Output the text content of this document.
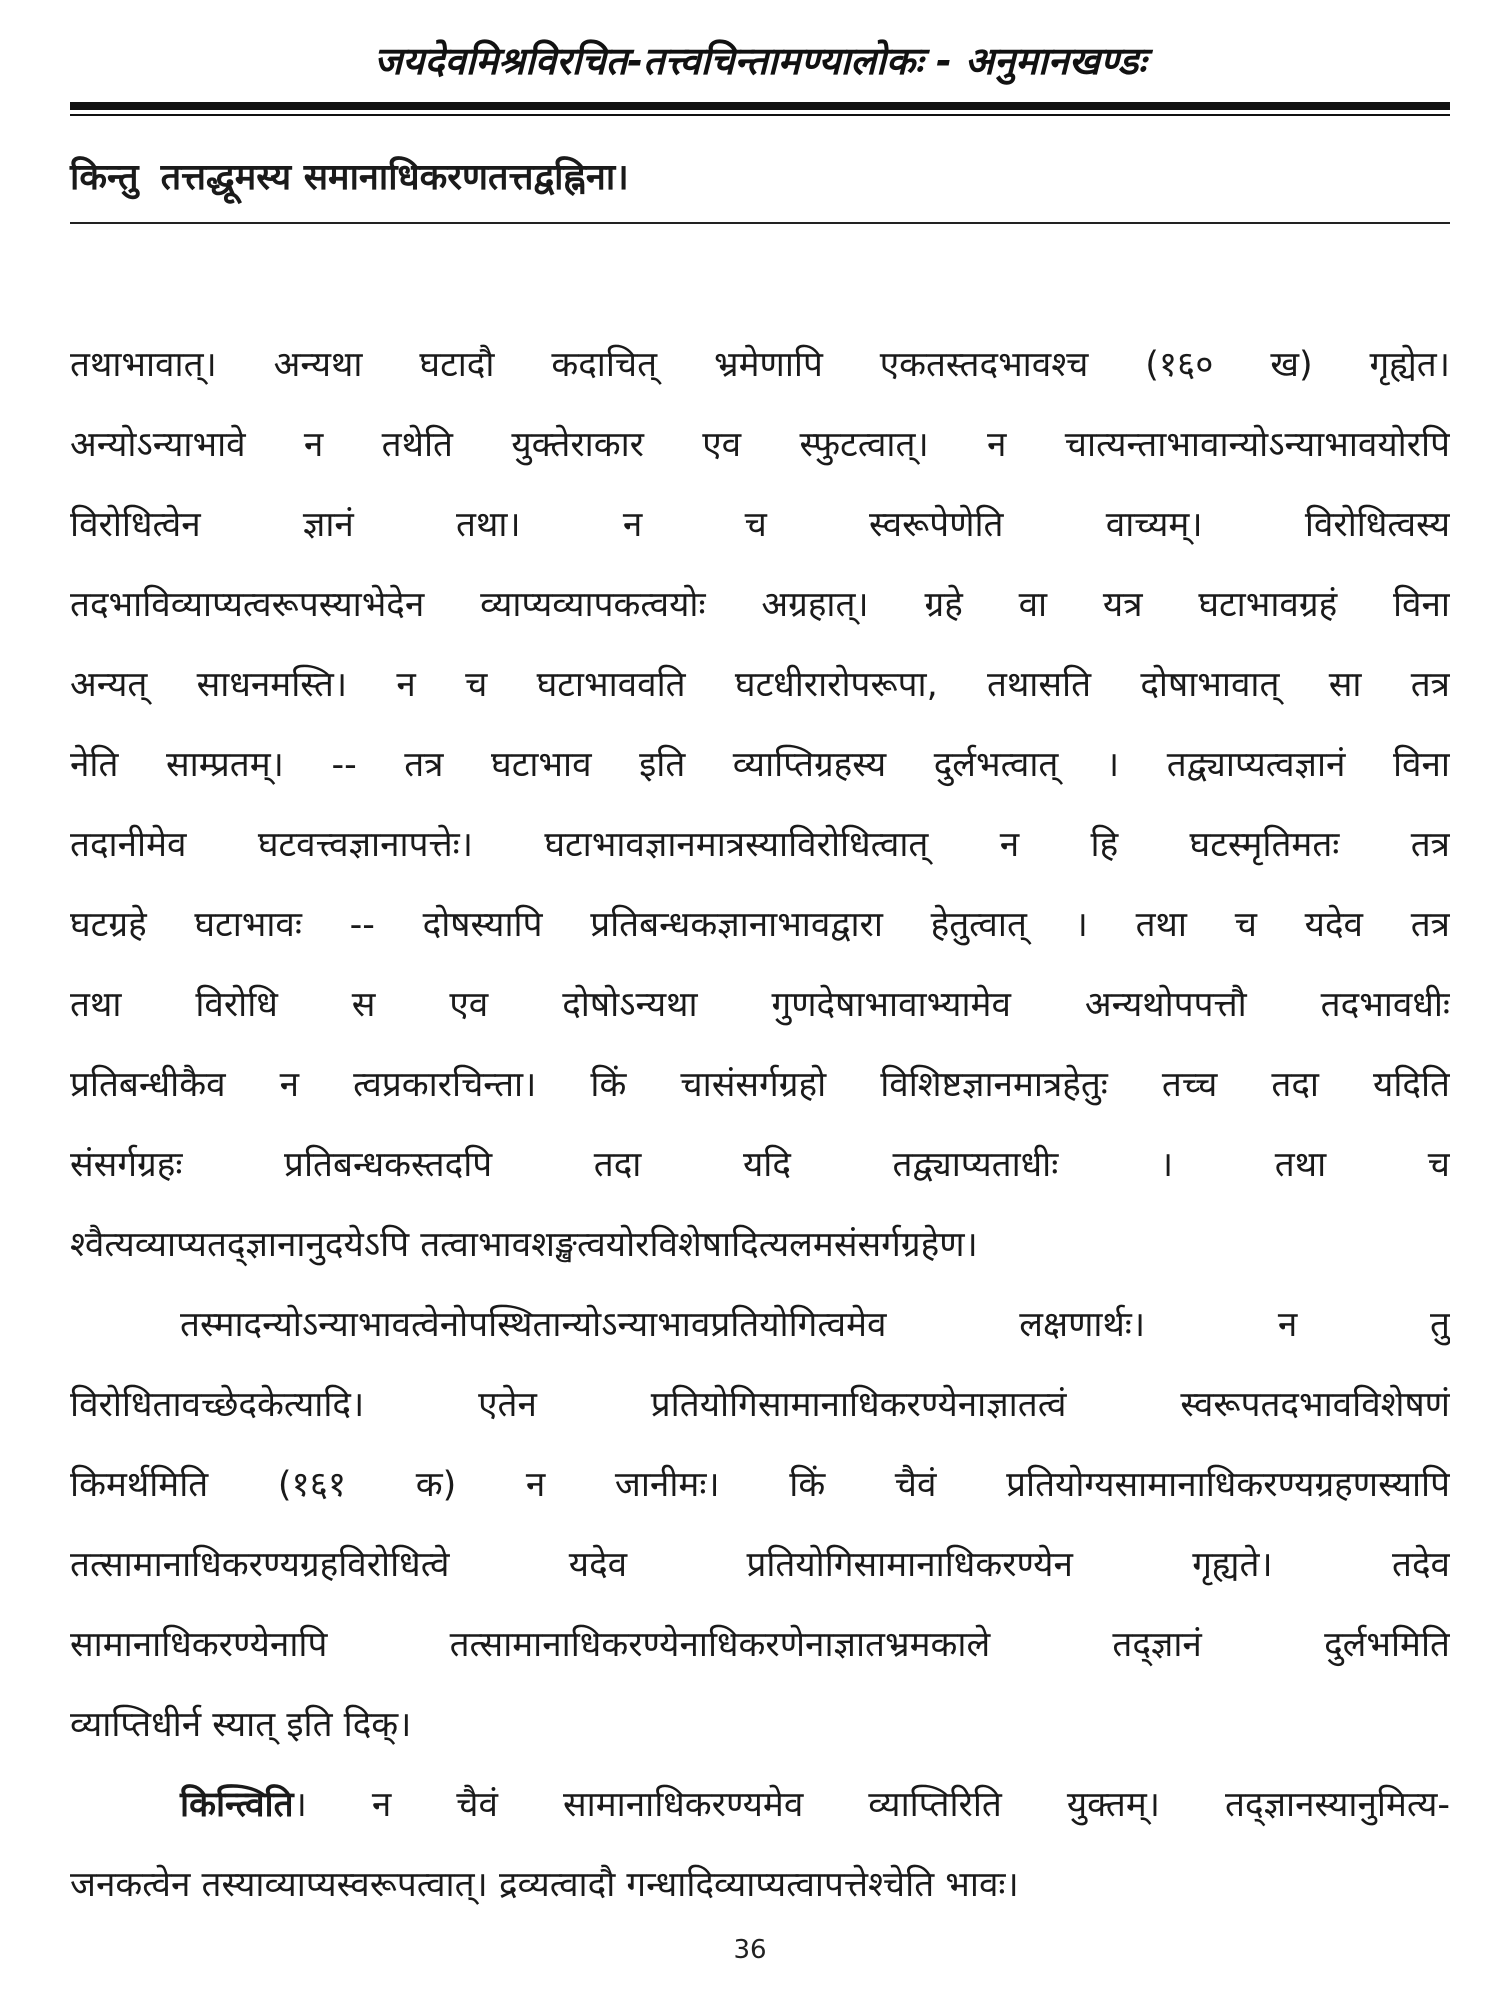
जयदेवमिश्रविरचित-तत्त्वचिन्तामण्यालोकः - अनुमानखण्डः
किन्तु तत्तद्धूमस्य समानाधिकरणतत्तद्वह्निना।
तथाभावात्। अन्यथा घटादौ कदाचित् भ्रमेणापि एकतस्तदभावश्च (१६० ख) गृह्येत।
अन्योऽन्याभावे न तथेति युक्तेराकार एव स्फुटत्वात्। न चात्यन्ताभावान्योऽन्याभावयोरपि
विरोधित्वेन ज्ञानं तथा। न च स्वरूपेणेति वाच्यम्। विरोधित्वस्य
तदभाविव्याप्यत्वरूपस्याभेदेन व्याप्यव्यापकत्वयोः अग्रहात्। ग्रहे वा यत्र घटाभावग्रहं विना
अन्यत् साधनमस्ति। न च घटाभाववति घटधीरारोपरूपा, तथासति दोषाभावात् सा तत्र
नेति साम्प्रतम्। -- तत्र घटाभाव इति व्याप्तिग्रहस्य दुर्लभत्वात् । तद्व्याप्यत्वज्ञानं विना
तदानीमेव घटवत्त्वज्ञानापत्तेः। घटाभावज्ञानमात्रस्याविरोधित्वात् न हि घटस्मृतिमतः तत्र
घटग्रहे घटाभावः -- दोषस्यापि प्रतिबन्धकज्ञानाभावद्वारा हेतुत्वात् । तथा च यदेव तत्र
तथा विरोधि स एव दोषोऽन्यथा गुणदेषाभावाभ्यामेव अन्यथोपपत्तौ तदभावधीः
प्रतिबन्धीकैव न त्वप्रकारचिन्ता। किं चासंसर्गग्रहो विशिष्टज्ञानमात्रहेतुः तच्च तदा यदिति
संसर्गग्रहः प्रतिबन्धकस्तदपि तदा यदि तद्व्याप्यताधीः । तथा च
श्वैत्यव्याप्यतद्ज्ञानानुदयेऽपि तत्वाभावशङ्खत्वयोरविशेषादित्यलमसंसर्गग्रहेण।
तस्मादन्योऽन्याभावत्वेनोपस्थितान्योऽन्याभावप्रतियोगित्वमेव लक्षणार्थः। न तु
विरोधितावच्छेदकेत्यादि। एतेन प्रतियोगिसामानाधिकरण्येनाज्ञातत्वं स्वरूपतदभावविशेषणं
किमर्थमिति (१६१ क) न जानीमः। किं चैवं प्रतियोग्यसामानाधिकरण्यग्रहणस्यापि
तत्सामानाधिकरण्यग्रहविरोधित्वे यदेव प्रतियोगिसामानाधिकरण्येन गृह्यते। तदेव
सामानाधिकरण्येनापि तत्सामानाधिकरण्येनाधिकरणेनाज्ञातभ्रमकाले तद्ज्ञानं दुर्लभमिति
व्याप्तिधीर्न स्यात् इति दिक्।
किन्त्विति। न चैवं सामानाधिकरण्यमेव व्याप्तिरिति युक्तम्। तद्ज्ञानस्यानुमित्य-
जनकत्वेन तस्याव्याप्यस्वरूपत्वात्। द्रव्यत्वादौ गन्धादिव्याप्यत्वापत्तेश्चेति भावः।
36
